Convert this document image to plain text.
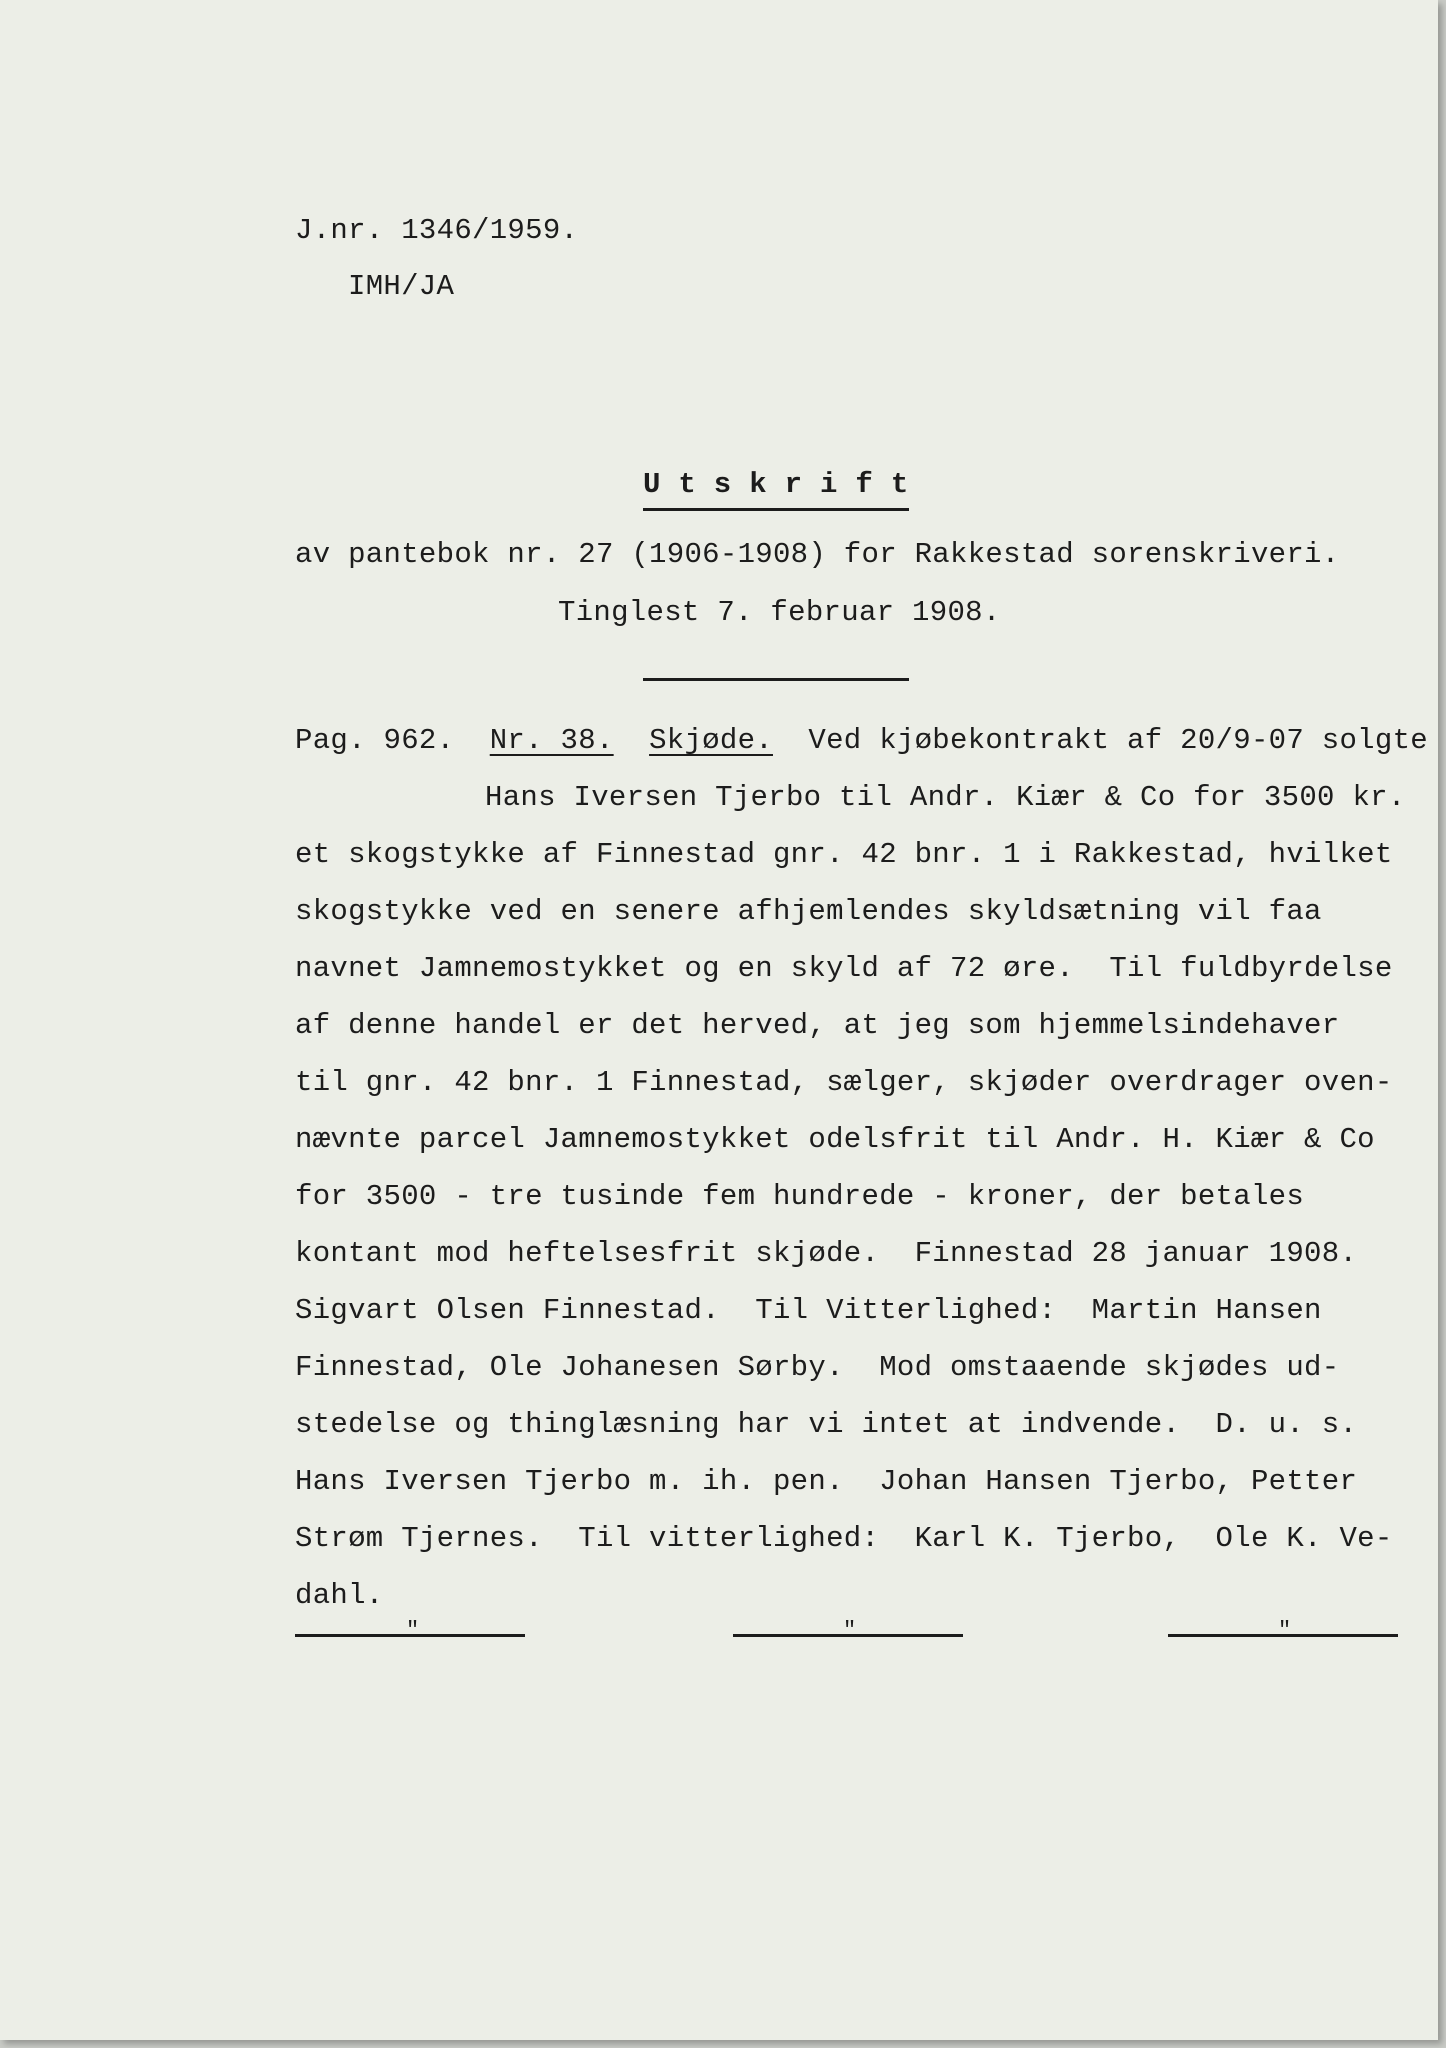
J.nr. 1346/1959.
IMH/JA
U t s k r i f t
av pantebok nr. 27 (1906-1908) for Rakkestad sorenskriveri.
Tinglest 7. februar 1908.
Pag. 962. Nr. 38. Skjøde. Ved kjøbekontrakt af 20/9-07 solgte
Hans Iversen Tjerbo til Andr. Kiær & Co for 3500 kr.
et skogstykke af Finnestad gnr. 42 bnr. 1 i Rakkestad, hvilket
skogstykke ved en senere afhjemlendes skyldsætning vil faa
navnet Jamnemostykket og en skyld af 72 øre.  Til fuldbyrdelse
af denne handel er det herved, at jeg som hjemmelsindehaver
til gnr. 42 bnr. 1 Finnestad, sælger, skjøder overdrager oven-
nævnte parcel Jamnemostykket odelsfrit til Andr. H. Kiær & Co
for 3500 - tre tusinde fem hundrede - kroner, der betales
kontant mod heftelsesfrit skjøde.  Finnestad 28 januar 1908.
Sigvart Olsen Finnestad.  Til Vitterlighed:  Martin Hansen
Finnestad, Ole Johanesen Sørby.  Mod omstaaende skjødes ud-
stedelse og thinglæsning har vi intet at indvende.  D. u. s.
Hans Iversen Tjerbo m. ih. pen.  Johan Hansen Tjerbo, Petter
Strøm Tjernes.  Til vitterlighed:  Karl K. Tjerbo,  Ole K. Ve-
dahl.
"	"	"
